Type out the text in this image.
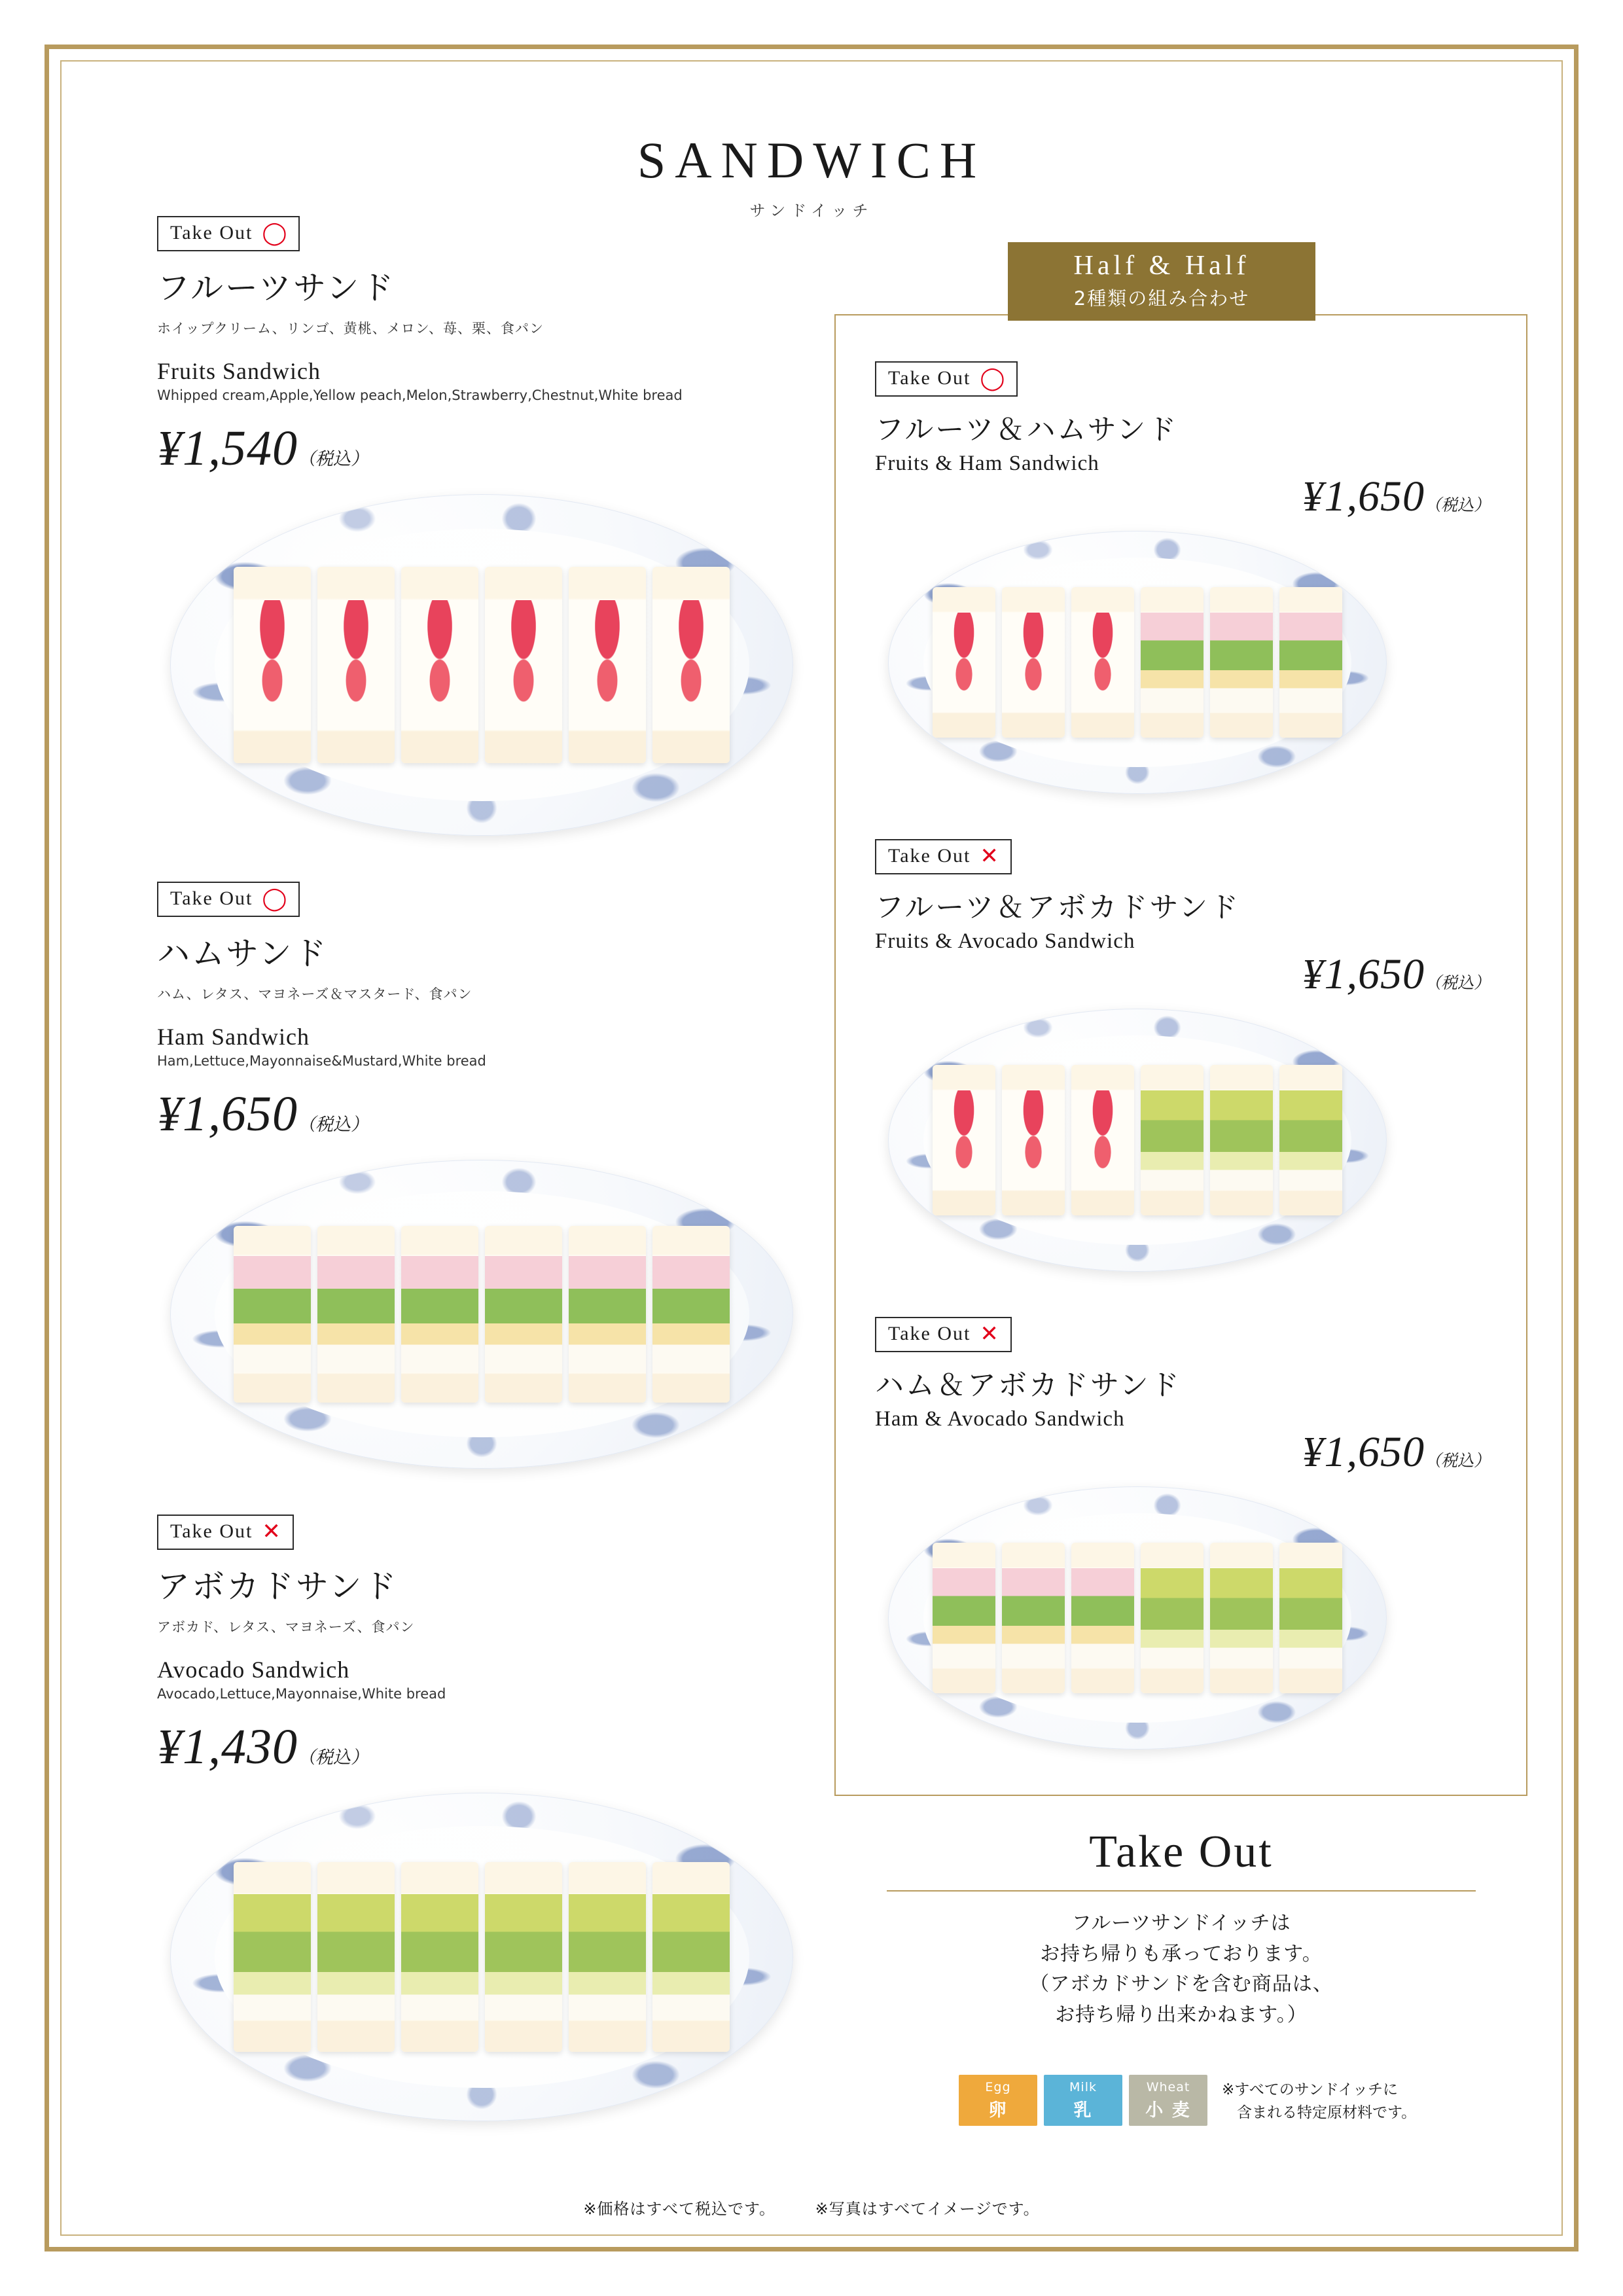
SANDWICH
サンドイッチ
Take Out ◯
フルーツサンド
ホイップクリーム、リンゴ、黄桃、メロン、苺、栗、食パン
Fruits Sandwich
Whipped cream,Apple,Yellow peach,Melon,Strawberry,Chestnut,White bread
¥1,540（税込）
Take Out ◯
ハムサンド
ハム、レタス、マヨネーズ＆マスタード、食パン
Ham Sandwich
Ham,Lettuce,Mayonnaise&Mustard,White bread
¥1,650（税込）
Take Out ✕
アボカドサンド
アボカド、レタス、マヨネーズ、食パン
Avocado Sandwich
Avocado,Lettuce,Mayonnaise,White bread
¥1,430（税込）
Take Out ◯
フルーツ＆ハムサンド
Fruits & Ham Sandwich
¥1,650（税込）
Take Out ✕
フルーツ＆アボカドサンド
Fruits & Avocado Sandwich
¥1,650（税込）
Take Out ✕
ハム＆アボカドサンド
Ham & Avocado Sandwich
¥1,650（税込）
Half & Half
2種類の組み合わせ
Take Out

フルーツサンドイッチは

お持ち帰りも承っております。

（アボカドサンドを含む商品は、

お持ち帰り出来かねます。）

Egg
卵
Milk
乳
Wheat
小 麦
※すべてのサンドイッチに
　含まれる特定原材料です。
※価格はすべて税込です。	※写真はすべてイメージです。
